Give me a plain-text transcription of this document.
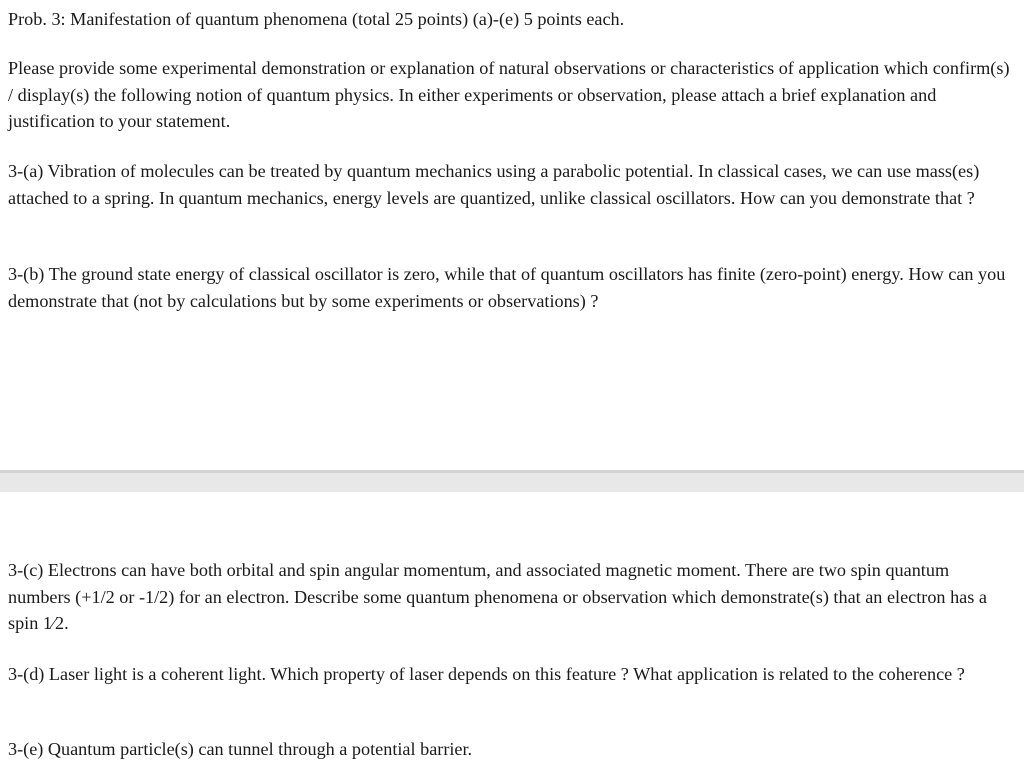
Prob. 3: Manifestation of quantum phenomena (total 25 points) (a)-(e) 5 points each.

Please provide some experimental demonstration or explanation of natural observations or characteristics of application which confirm(s) / display(s) the following notion of quantum physics. In either experiments or observation, please attach a brief explanation and justification to your statement.

3-(a) Vibration of molecules can be treated by quantum mechanics using a parabolic potential. In classical cases, we can use mass(es) attached to a spring. In quantum mechanics, energy levels are quantized, unlike classical oscillators. How can you demonstrate that ?

3-(b) The ground state energy of classical oscillator is zero, while that of quantum oscillators has finite (zero-point) energy. How can you demonstrate that (not by calculations but by some experiments or observations) ?

3-(c) Electrons can have both orbital and spin angular momentum, and associated magnetic moment. There are two spin quantum numbers (+1/2 or -1/2) for an electron. Describe some quantum phenomena or observation which demonstrate(s) that an electron has a spin 1⁄2.

3-(d) Laser light is a coherent light. Which property of laser depends on this feature ? What application is related to the coherence ?

3-(e) Quantum particle(s) can tunnel through a potential barrier.
